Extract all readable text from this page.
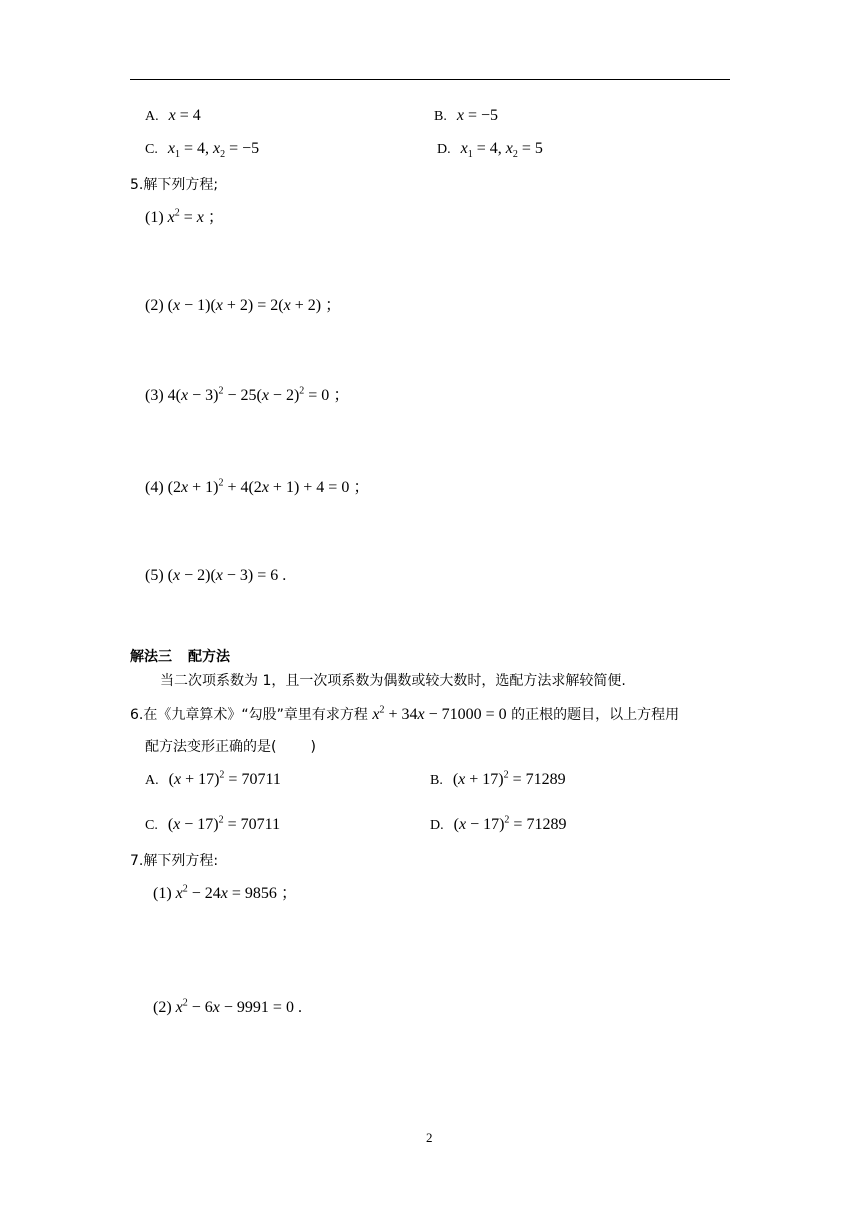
A. x = 4	B. x = −5
C. $x_1 = 4$, $x_2 = -5$	D. $x_1 = 4$, $x_2 = 5$
5.解下列方程;
(1) $x^2 = x$ ；
(2) (x − 1)(x + 2) = 2(x + 2) ；
(3) $4(x - 3)^2 - 25(x - 2)^2 = 0$ ；
(4) $(2x + 1)^2 + 4(2x + 1) + 4 = 0$ ；
(5) (x − 2)(x − 3) = 6 .
解法三 配方法
当二次项系数为 1，且一次项系数为偶数或较大数时，选配方法求解较简便.
6.在《九章算术》“勾股”章里有求方程 $x^2 + 34x - 71000 = 0$ 的正根的题目，以上方程用
配方法变形正确的是( )
A. $(x + 17)^2 = 70711$	B. $(x + 17)^2 = 71289$
C. $(x - 17)^2 = 70711$	D. $(x - 17)^2 = 71289$
7.解下列方程:
(1) $x^2 - 24x = 9856$ ；
(2) $x^2 - 6x - 9991 = 0$ .
2
